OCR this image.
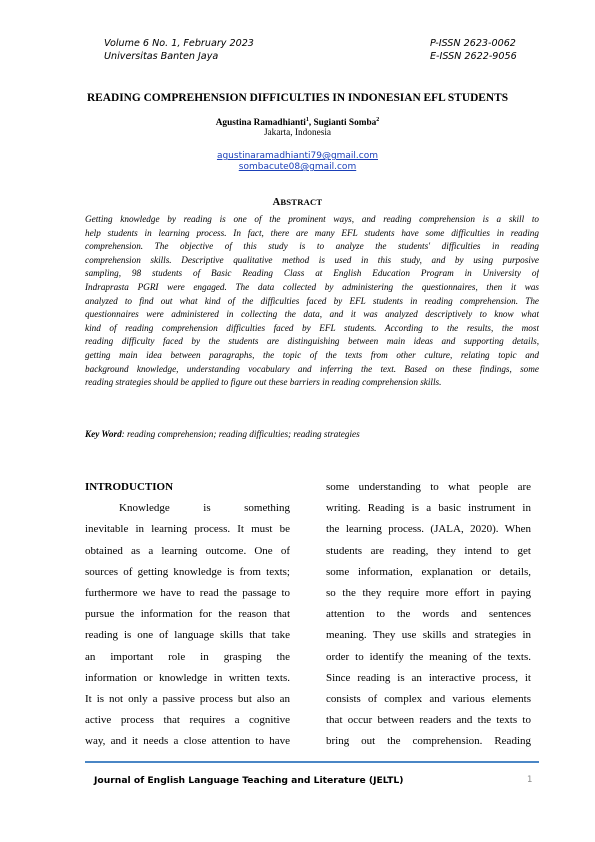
Volume 6 No. 1, February 2023
Universitas Banten Jaya
P-ISSN 2623-0062
E-ISSN 2622-9056
READING COMPREHENSION DIFFICULTIES IN INDONESIAN EFL STUDENTS
Agustina Ramadhianti$^1$, Sugianti Somba$^2$
Jakarta, Indonesia
agustinaramadhianti79@gmail.com
sombacute08@gmail.com
ABSTRACT
Getting knowledge by reading is one of the prominent ways, and reading comprehension is a skill to
help students in learning process. In fact, there are many EFL students have some difficulties in reading
comprehension. The objective of this study is to analyze the students' difficulties in reading
comprehension skills. Descriptive qualitative method is used in this study, and by using purposive
sampling, 98 students of Basic Reading Class at English Education Program in University of
Indraprasta PGRI were engaged. The data collected by administering the questionnaires, then it was
analyzed to find out what kind of the difficulties faced by EFL students in reading comprehension. The
questionnaires were administered in collecting the data, and it was analyzed descriptively to know what
kind of reading comprehension difficulties faced by EFL students. According to the results, the most
reading difficulty faced by the students are distinguishing between main ideas and supporting details,
getting main idea between paragraphs, the topic of the texts from other culture, relating topic and
background knowledge, understanding vocabulary and inferring the text. Based on these findings, some
reading strategies should be applied to figure out these barriers in reading comprehension skills.
Key Word: reading comprehension; reading difficulties; reading strategies
INTRODUCTION
Knowledge is something
inevitable in learning process. It must be
obtained as a learning outcome. One of
sources of getting knowledge is from texts;
furthermore we have to read the passage to
pursue the information for the reason that
reading is one of language skills that take
an important role in grasping the
information or knowledge in written texts.
It is not only a passive process but also an
active process that requires a cognitive
way, and it needs a close attention to have
some understanding to what people are
writing. Reading is a basic instrument in
the learning process. (JALA, 2020). When
students are reading, they intend to get
some information, explanation or details,
so the they require more effort in paying
attention to the words and sentences
meaning. They use skills and strategies in
order to identify the meaning of the texts.
Since reading is an interactive process, it
consists of complex and various elements
that occur between readers and the texts to
bring out the comprehension. Reading
Journal of English Language Teaching and Literature (JELTL)	1
